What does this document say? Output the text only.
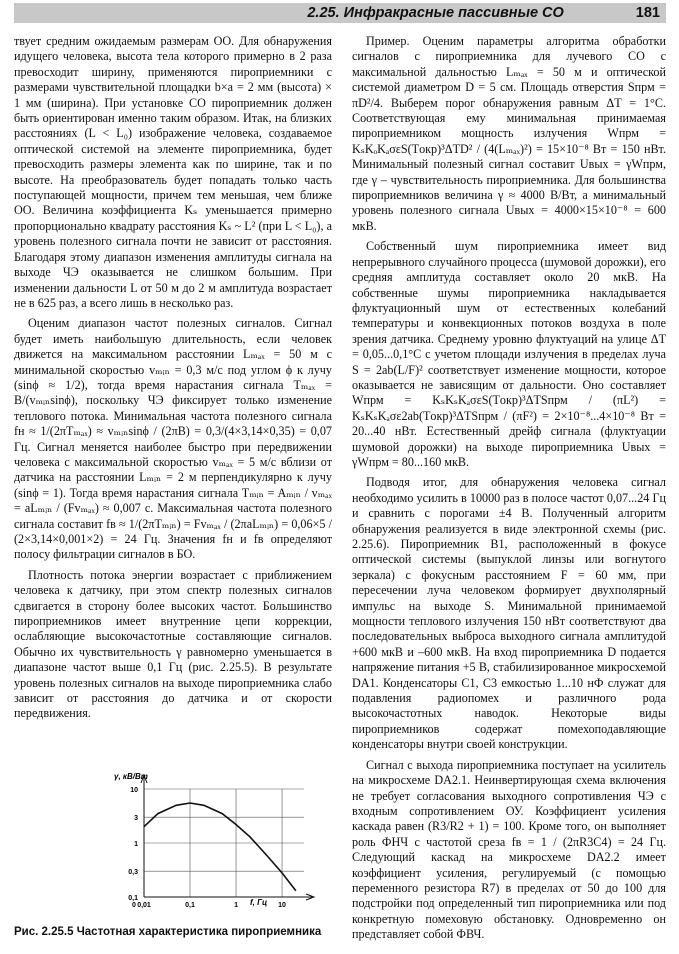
2.25. Инфракрасные пассивные СО	181

твует средним ожидаемым размерам ОО. Для обнаружения идущего человека, высота тела которого примерно в 2 раза превосходит ширину, применяются пироприемники с размерами чувствительной площадки b×a = 2 мм (высота) × 1 мм (ширина). При установке СО пироприемник должен быть ориентирован именно таким образом. Итак, на близких расстояниях (L < L₀) изображение человека, создаваемое оптической системой на элементе пироприемника, будет превосходить размеры элемента как по ширине, так и по высоте. На преобразователь будет попадать только часть поступающей мощности, причем тем меньшая, чем ближе ОО. Величина коэффициента Kₛ уменьшается примерно пропорционально квадрату расстояния Kₛ ~ L² (при L < L₀), а уровень полезного сигнала почти не зависит от расстояния. Благодаря этому диапазон изменения амплитуды сигнала на выходе ЧЭ оказывается не слишком большим. При изменении дальности L от 50 м до 2 м амплитуда возрастает не в 625 раз, а всего лишь в несколько раз.

Оценим диапазон частот полезных сигналов. Сигнал будет иметь наибольшую длительность, если человек движется на максимальном расстоянии Lₘₐₓ = 50 м с минимальной скоростью vₘᵢₙ = 0,3 м/с под углом ϕ к лучу (sinϕ ≈ 1/2), тогда время нарастания сигнала Tₘₐₓ = B/(vₘᵢₙsinϕ), поскольку ЧЭ фиксирует только изменение теплового потока. Минимальная частота полезного сигнала fн ≈ 1/(2πTₘₐₓ) ≈ vₘᵢₙsinϕ / (2πB) = 0,3/(4×3,14×0,35) = 0,07 Гц. Сигнал меняется наиболее быстро при передвижении человека с максимальной скоростью vₘₐₓ = 5 м/с вблизи от датчика на расстоянии Lₘᵢₙ = 2 м перпендикулярно к лучу (sinϕ = 1). Тогда время нарастания сигнала Tₘᵢₙ = Aₘᵢₙ / vₘₐₓ = aLₘᵢₙ / (Fvₘₐₓ) ≈ 0,007 с. Максимальная частота полезного сигнала составит fв ≈ 1/(2πTₘᵢₙ) = Fvₘₐₓ / (2πaLₘᵢₙ) = 0,06×5 / (2×3,14×0,001×2) = 24 Гц. Значения fн и fв определяют полосу фильтрации сигналов в БО.

Плотность потока энергии возрастает с приближением человека к датчику, при этом спектр полезных сигналов сдвигается в сторону более высоких частот. Большинство пироприемников имеет внутренние цепи коррекции, ослабляющие высокочастотные составляющие сигналов. Обычно их чувствительность γ равномерно уменьшается в диапазоне частот выше 0,1 Гц (рис. 2.25.5). В результате уровень полезных сигналов на выходе пироприемника слабо зависит от расстояния до датчика и от скорости передвижения.

Пример. Оценим параметры алгоритма обработки сигналов с пироприемника для лучевого СО с максимальной дальностью Lₘₐₓ = 50 м и оптической системой диаметром D = 5 см. Площадь отверстия Sпрм = πD²/4. Выберем порог обнаружения равным ΔT = 1°C. Соответствующая ему минимальная принимаемая пироприемником мощность излучения Wпрм = KₛKₒKₐσεS(Tокр)³ΔTD² / (4(Lₘₐₓ)²) = 15×10⁻⁸ Вт = 150 нВт. Минимальный полезный сигнал составит Uвых = γWпрм, где γ – чувствительность пироприемника. Для большинства пироприемников величина γ ≈ 4000 В/Вт, а минимальный уровень полезного сигнала Uвых = 4000×15×10⁻⁸ = 600 мкВ.

Собственный шум пироприемника имеет вид непрерывного случайного процесса (шумовой дорожки), его средняя амплитуда составляет около 20 мкВ. На собственные шумы пироприемника накладывается флуктуационный шум от естественных колебаний температуры и конвекционных потоков воздуха в поле зрения датчика. Среднему уровню флуктуаций на улице ΔT = 0,05...0,1°C с учетом площади излучения в пределах луча S = 2ab(L/F)² соответствует изменение мощности, которое оказывается не зависящим от дальности. Оно составляет Wпрм = KₛKₛKₐσεS(Tокр)³ΔTSпрм / (πL²) = KₛKₛKₐσε2ab(Tокр)³ΔTSпрм / (πF²) = 2×10⁻⁸...4×10⁻⁸ Вт = 20...40 нВт. Естественный дрейф сигнала (флуктуации шумовой дорожки) на выходе пироприемника Uвых = γWпрм = 80...160 мкВ.

Подводя итог, для обнаружения человека сигнал необходимо усилить в 10000 раз в полосе частот 0,07...24 Гц и сравнить с порогами ±4 В. Полученный алгоритм обнаружения реализуется в виде электронной схемы (рис. 2.25.6). Пироприемник B1, расположенный в фокусе оптической системы (выпуклой линзы или вогнутого зеркала) с фокусным расстоянием F = 60 мм, при пересечении луча человеком формирует двухполярный импульс на выходе S. Минимальной принимаемой мощности теплового излучения 150 нВт соответствуют два последовательных выброса выходного сигнала амплитудой +600 мкВ и –600 мкВ. На вход пироприемника D подается напряжение питания +5 В, стабилизированное микросхемой DA1. Конденсаторы C1, C3 емкостью 1...10 нФ служат для подавления радиопомех и различного рода высокочастотных наводок. Некоторые виды пироприемников содержат помехоподавляющие конденсаторы внутри своей конструкции.

Сигнал с выхода пироприемника поступает на усилитель на микросхеме DA2.1. Неинвертирующая схема включения не требует согласования выходного сопротивления ЧЭ с входным сопротивлением ОУ. Коэффициент усиления каскада равен (R3/R2 + 1) = 100. Кроме того, он выполняет роль ФНЧ с частотой среза fв = 1 / (2πR3C4) = 24 Гц. Следующий каскад на микросхеме DA2.2 имеет коэффициент усиления, регулируемый (с помощью переменного резистора R7) в пределах от 50 до 100 для подстройки под определенный тип пироприемника или под конкретную помеховую обстановку. Одновременно он представляет собой ФВЧ.

γ, кВ/Вт
f, Гц
0
10
3
1
0,3
0,1
0,01	0,1	1	10
Рис. 2.25.5 Частотная характеристика пироприемника
